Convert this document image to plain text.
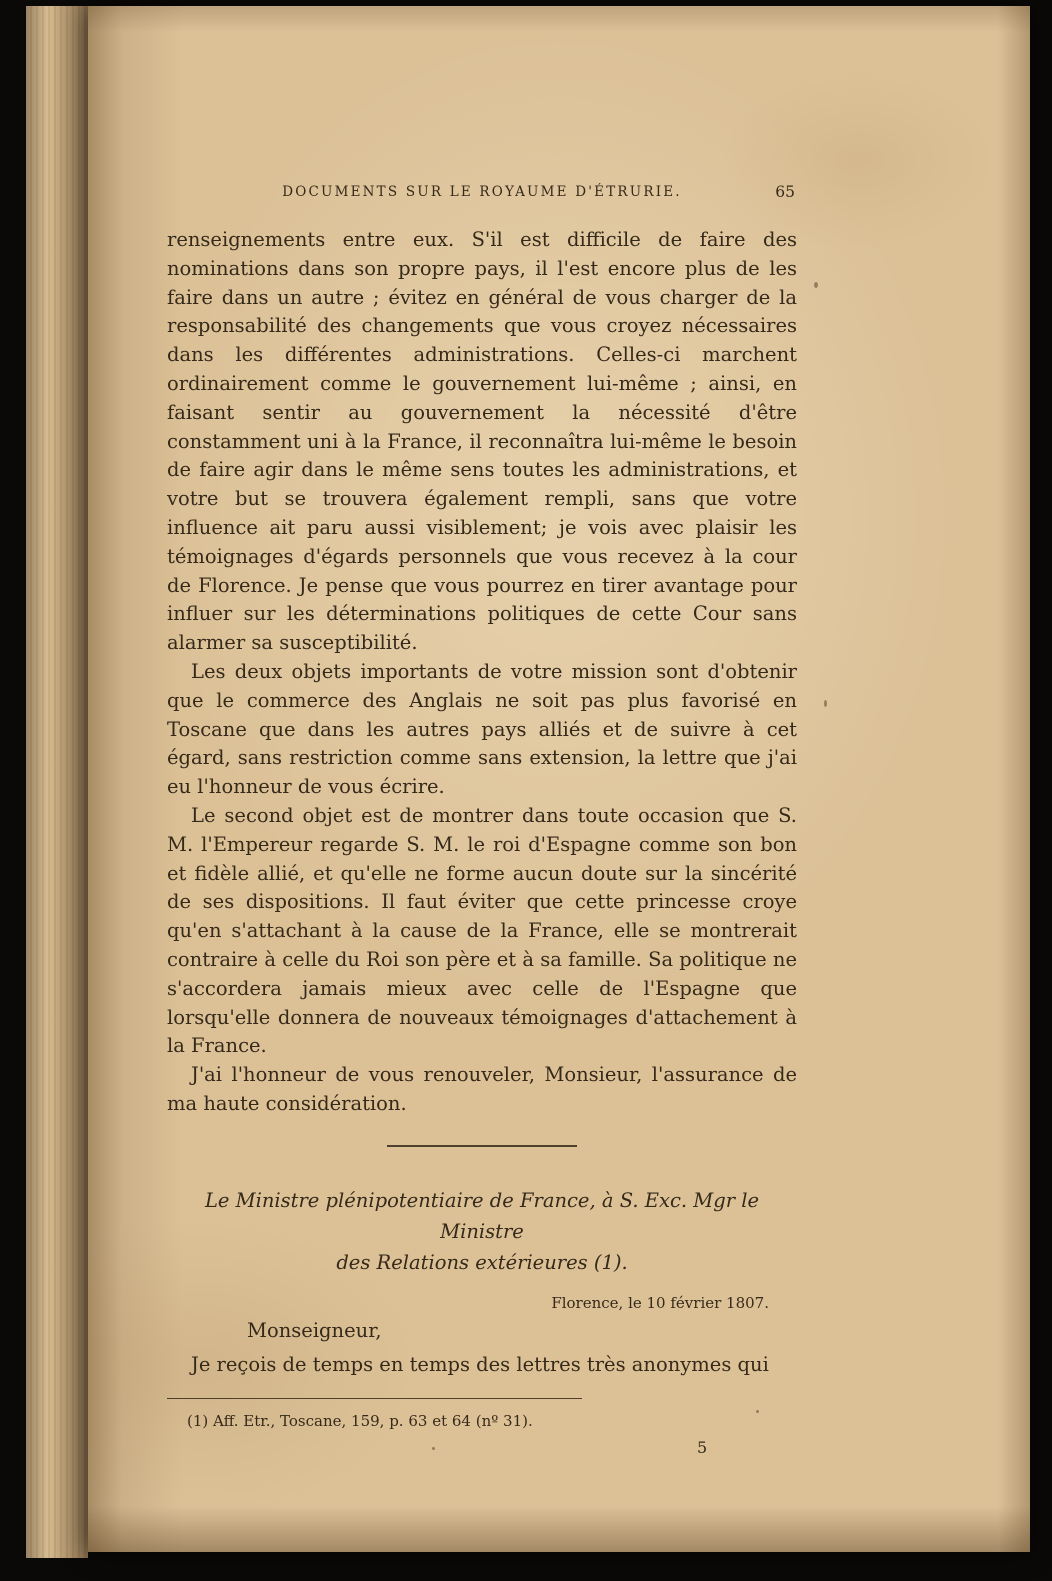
DOCUMENTS SUR LE ROYAUME D'ÉTRURIE.	65

renseignements entre eux. S'il est difficile de faire des nominations dans son propre pays, il l'est encore plus de les faire dans un autre ; évitez en général de vous charger de la responsabilité des changements que vous croyez nécessaires dans les différentes administrations. Celles-ci marchent ordinairement comme le gouvernement lui-même ; ainsi, en faisant sentir au gouvernement la nécessité d'être constamment uni à la France, il reconnaîtra lui-même le besoin de faire agir dans le même sens toutes les administrations, et votre but se trouvera également rempli, sans que votre influence ait paru aussi visiblement; je vois avec plaisir les témoignages d'égards personnels que vous recevez à la cour de Florence. Je pense que vous pourrez en tirer avantage pour influer sur les déterminations politiques de cette Cour sans alarmer sa susceptibilité.

Les deux objets importants de votre mission sont d'obtenir que le commerce des Anglais ne soit pas plus favorisé en Toscane que dans les autres pays alliés et de suivre à cet égard, sans restriction comme sans extension, la lettre que j'ai eu l'honneur de vous écrire.

Le second objet est de montrer dans toute occasion que S. M. l'Empereur regarde S. M. le roi d'Espagne comme son bon et fidèle allié, et qu'elle ne forme aucun doute sur la sincérité de ses dispositions. Il faut éviter que cette princesse croye qu'en s'attachant à la cause de la France, elle se montrerait contraire à celle du Roi son père et à sa famille. Sa politique ne s'accordera jamais mieux avec celle de l'Espagne que lorsqu'elle donnera de nouveaux témoignages d'attachement à la France.

J'ai l'honneur de vous renouveler, Monsieur, l'assurance de ma haute considération.

Le Ministre plénipotentiaire de France, à S. Exc. Mgr le Ministre
des Relations extérieures (1).
Florence, le 10 février 1807.
Monseigneur,
Je reçois de temps en temps des lettres très anonymes qui
(1) Aff. Etr., Toscane, 159, p. 63 et 64 (nº 31).
5
